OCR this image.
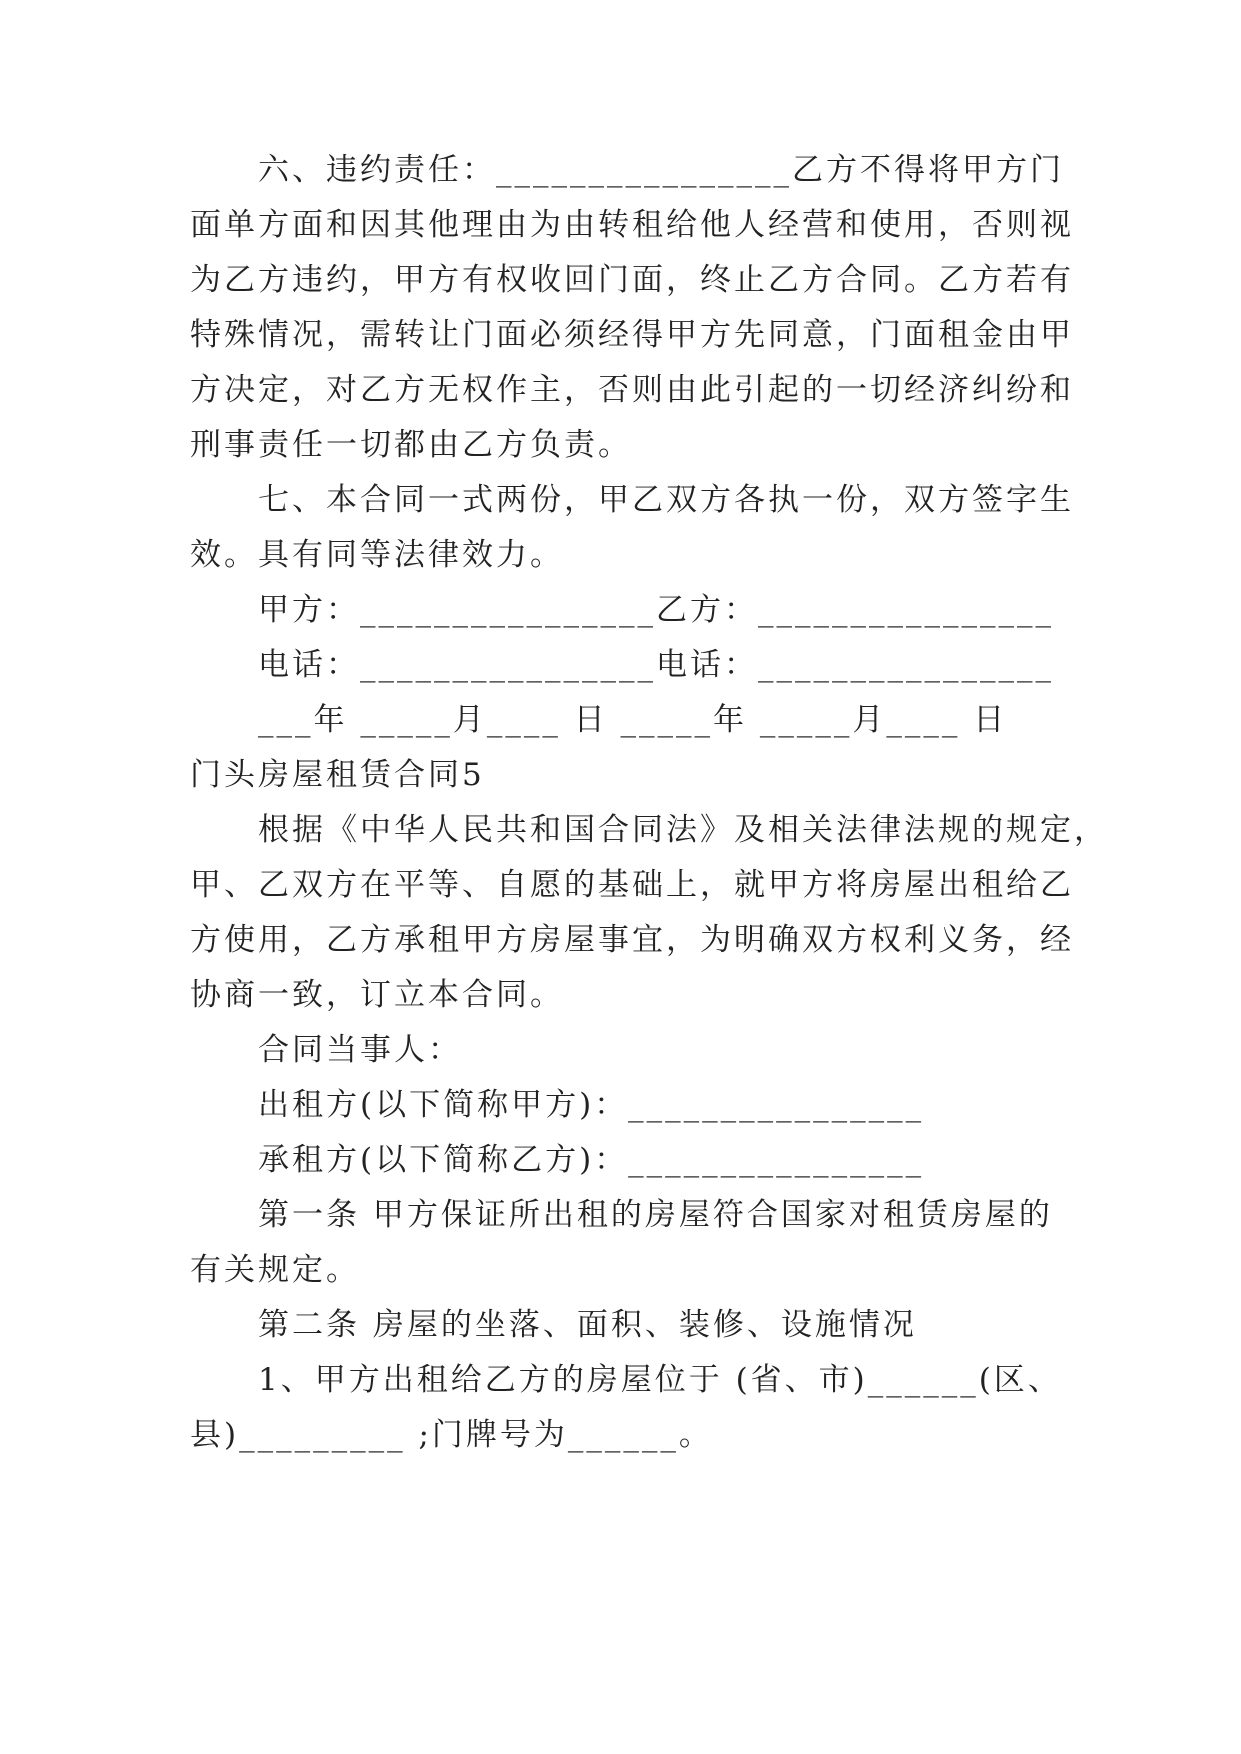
六、违约责任：________________乙方不得将甲方门
面单方面和因其他理由为由转租给他人经营和使用，否则视
为乙方违约，甲方有权收回门面，终止乙方合同。乙方若有
特殊情况，需转让门面必须经得甲方先同意，门面租金由甲
方决定，对乙方无权作主，否则由此引起的一切经济纠纷和
刑事责任一切都由乙方负责。
七、本合同一式两份，甲乙双方各执一份，双方签字生
效。具有同等法律效力。
甲方：________________乙方：________________
电话：________________电话：________________
___年 _____月____ 日 _____年 _____月____ 日
门头房屋租赁合同5
根据《中华人民共和国合同法》及相关法律法规的规定，
甲、乙双方在平等、自愿的基础上，就甲方将房屋出租给乙
方使用，乙方承租甲方房屋事宜，为明确双方权利义务，经
协商一致，订立本合同。
合同当事人：
出租方(以下简称甲方)：________________
承租方(以下简称乙方)：________________
第一条 甲方保证所出租的房屋符合国家对租赁房屋的
有关规定。
第二条 房屋的坐落、面积、装修、设施情况
1、甲方出租给乙方的房屋位于 (省、市)______(区、
县)_________ ;门牌号为______。
